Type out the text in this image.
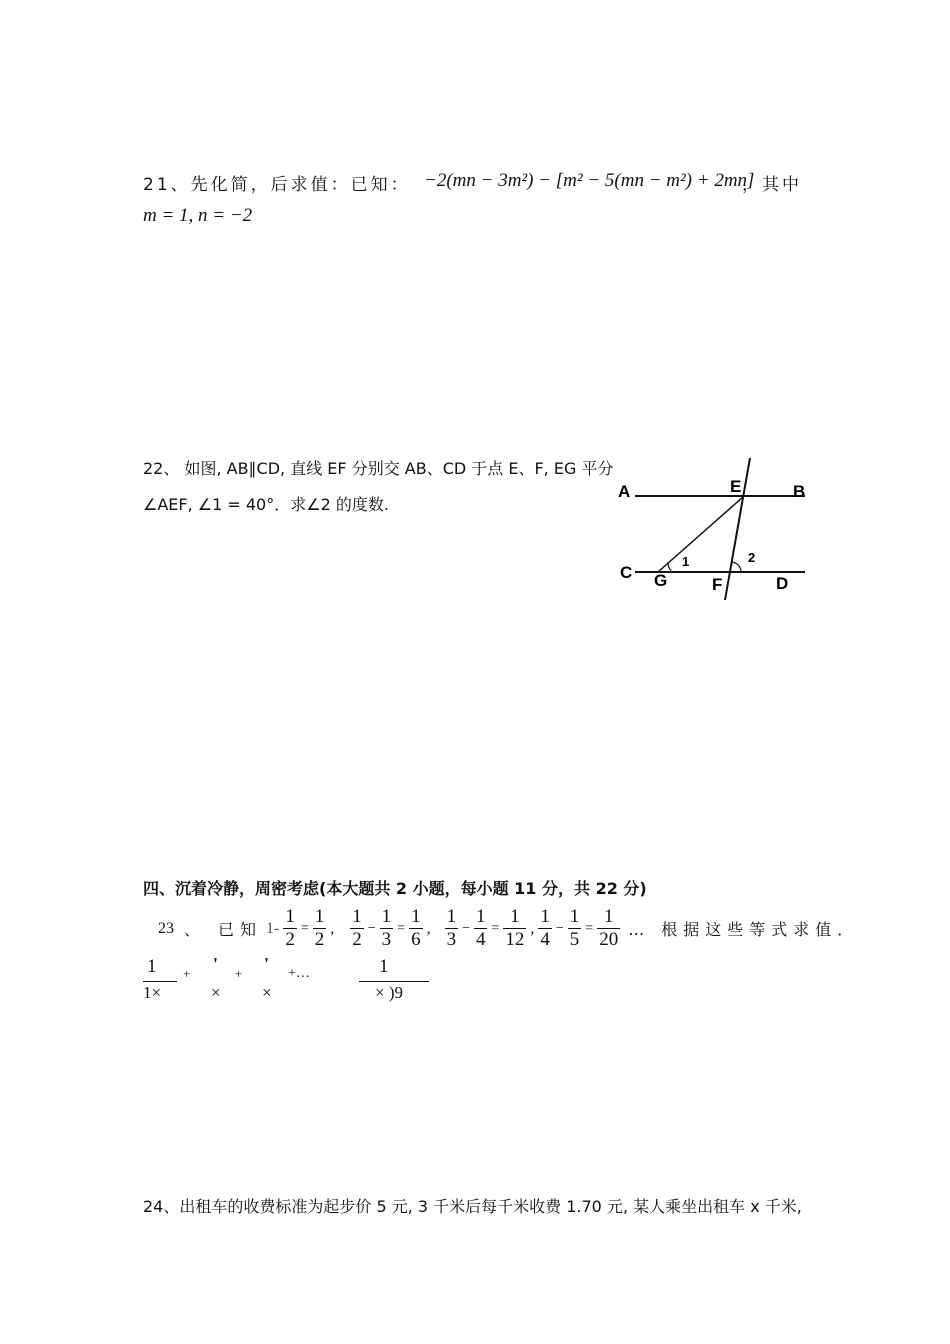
21、先化简，后求值：已知： −2(mn − 3m²) − [m² − 5(mn − m²) + 2mn]
，其中
m = 1, n = −2
22、 如图, AB∥CD, 直线 EF 分别交 AB、CD 于点 E、F, EG 平分
∠AEF, ∠1 = 40°．求∠2 的度数.
A	E	B
C G
1
F
2
D
四、沉着冷静，周密考虑(本大题共 2 小题，每小题 11 分，共 22 分)
23 、 已知 $1- \frac{1}{2} = \frac{1}{2}$ , $\frac{1}{2} - \frac{1}{3} = \frac{1}{6}$ , $\frac{1}{3} - \frac{1}{4} = \frac{1}{12}$ , $\frac{1}{4} - \frac{1}{5} = \frac{1}{20}$ … 根据这些等式求值．
1
1×
+ '
×
+ '
×
+…	1
× )9
24、出租车的收费标准为起步价 5 元, 3 千米后每千米收费 1.70 元, 某人乘坐出租车 x 千米,
